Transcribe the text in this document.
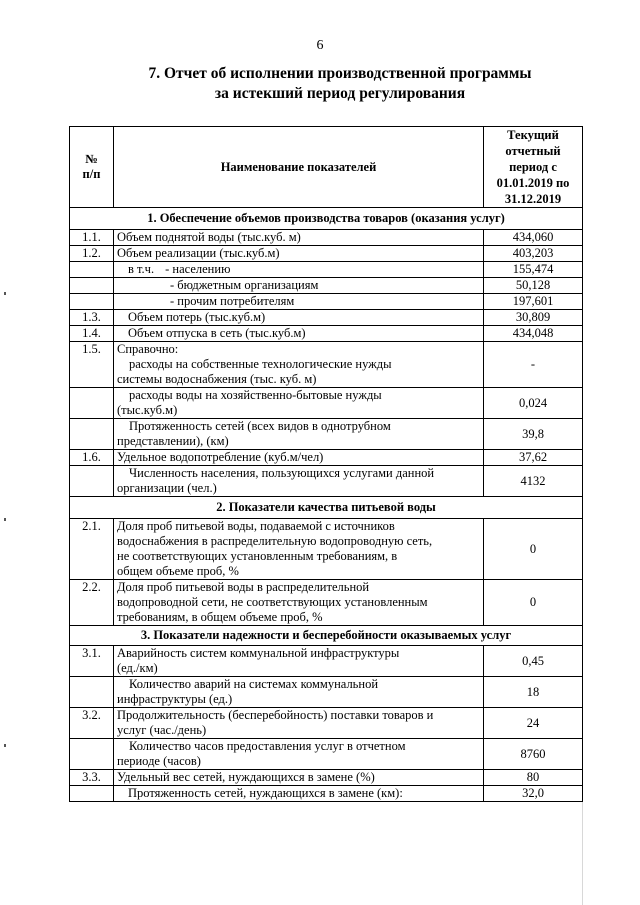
6
7. Отчет об исполнении производственной программы
за истекший период регулирования
№
п/п	Наименование показателей	Текущий отчетный период с 01.01.2019 по 31.12.2019
1. Обеспечение объемов производства товаров (оказания услуг)		
1.1.	Объем поднятой воды (тыс.куб. м)	434,060
1.2.	Объем реализации (тыс.куб.м)	403,203
	в т.ч. - населению	155,474
	- бюджетным организациям	50,128
	- прочим потребителям	197,601
1.3.	Объем потерь (тыс.куб.м)	30,809
1.4.	Объем отпуска в сеть (тыс.куб.м)	434,048
1.5.	Справочно:
расходы на собственные технологические нужды
системы водоснабжения (тыс. куб. м)	-

	расходы воды на хозяйственно-бытовые нужды
(тыс.куб.м)	0,024

	Протяженность сетей (всех видов в однотрубном
представлении), (км)	39,8
1.6.	Удельное водопотребление (куб.м/чел)	37,62

	Численность населения, пользующихся услугами данной
организации (чел.)	4132
2. Показатели качества питьевой воды		
2.1.	Доля проб питьевой воды, подаваемой с источников
водоснабжения в распределительную водопроводную сеть,
не соответствующих установленным требованиям, в
общем объеме проб, %	0
2.2.	Доля проб питьевой воды в распределительной
водопроводной сети, не соответствующих установленным
требованиям, в общем объеме проб, %	0
3. Показатели надежности и бесперебойности оказываемых услуг		
3.1.	Аварийность систем коммунальной инфраструктуры
(ед./км)	0,45

	Количество аварий на системах коммунальной
инфраструктуры (ед.)	18
3.2.	Продолжительность (бесперебойность) поставки товаров и
услуг (час./день)	24

	Количество часов предоставления услуг в отчетном
периоде (часов)	8760
3.3.	Удельный вес сетей, нуждающихся в замене (%)	80
	Протяженность сетей, нуждающихся в замене (км):	32,0
